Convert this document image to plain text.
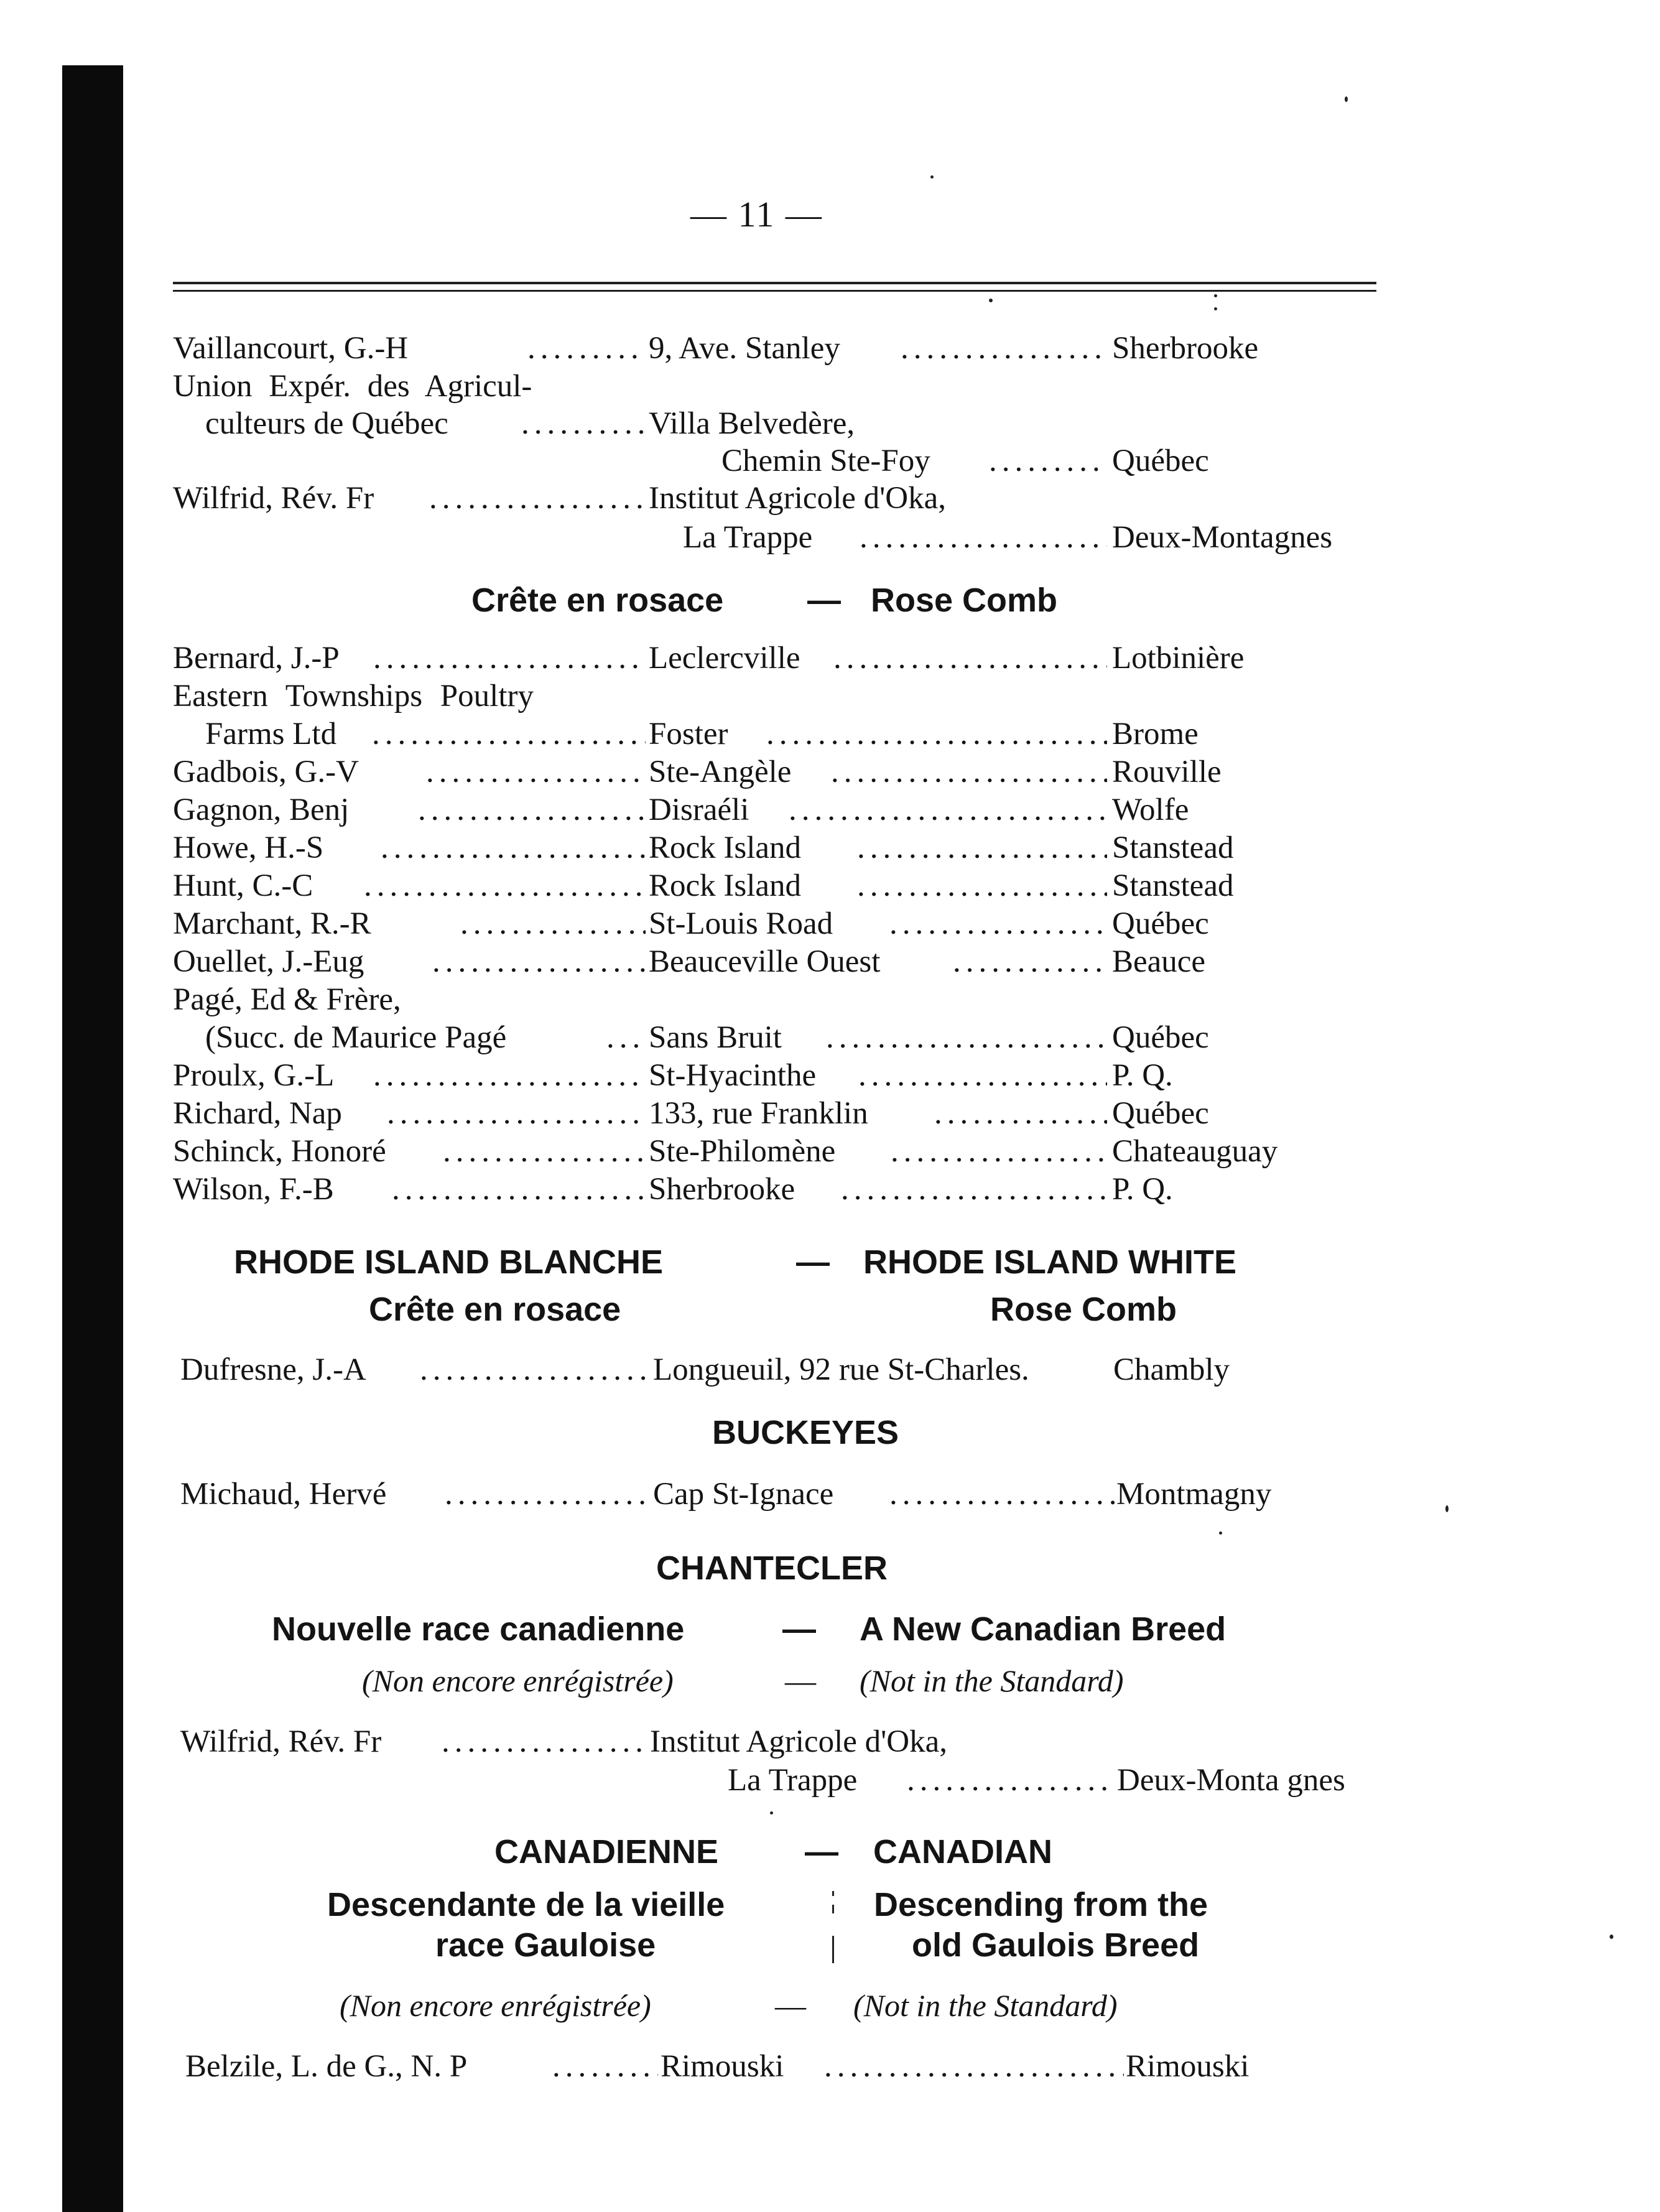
— 11 —
Vaillancourt, G.-H .....	9, Ave. Stanley .....	Sherbrooke
Union Expér. des Agricul-
culteurs de Québec .....	Villa Belvedère,
Chemin Ste-Foy .....	Québec
Wilfrid, Rév. Fr .....	Institut Agricole d'Oka,
La Trappe .....	Deux-Montagnes
Crête en rosace — Rose Comb
Bernard, J.-P .....	Leclercville .....	Lotbinière
Eastern Townships Poultry
Farms Ltd .....	Foster .....	Brome
Gadbois, G.-V .....	Ste-Angèle .....	Rouville
Gagnon, Benj .....	Disraéli .....	Wolfe
Howe, H.-S .....	Rock Island .....	Stanstead
Hunt, C.-C .....	Rock Island .....	Stanstead
Marchant, R.-R .....	St-Louis Road .....	Québec
Ouellet, J.-Eug .....	Beauceville Ouest .....	Beauce
Pagé, Ed & Frère,
(Succ. de Maurice Pagé .....	Sans Bruit .....	Québec
Proulx, G.-L .....	St-Hyacinthe .....	P. Q.
Richard, Nap .....	133, rue Franklin .....	Québec
Schinck, Honoré .....	Ste-Philomène .....	Chateauguay
Wilson, F.-B .....	Sherbrooke .....	P. Q.
RHODE ISLAND BLANCHE	— RHODE ISLAND WHITE
Crête en rosace	Rose Comb
Dufresne, J.-A .....	Longueuil, 92 rue St-Charles.	Chambly
BUCKEYES
Michaud, Hervé .....	Cap St-Ignace .....	Montmagny
CHANTECLER
Nouvelle race canadienne	— A New Canadian Breed
(Non encore enrégistrée)	— (Not in the Standard)
Wilfrid, Rév. Fr .....	Institut Agricole d'Oka,
La Trappe .....	Deux-Monta gnes
CANADIENNE	— CANADIAN
Descendante de la vieille	Descending from the
race Gauloise	old Gaulois Breed
(Non encore enrégistrée)	— (Not in the Standard)
Belzile, L. de G., N. P .....	Rimouski .....	Rimouski
